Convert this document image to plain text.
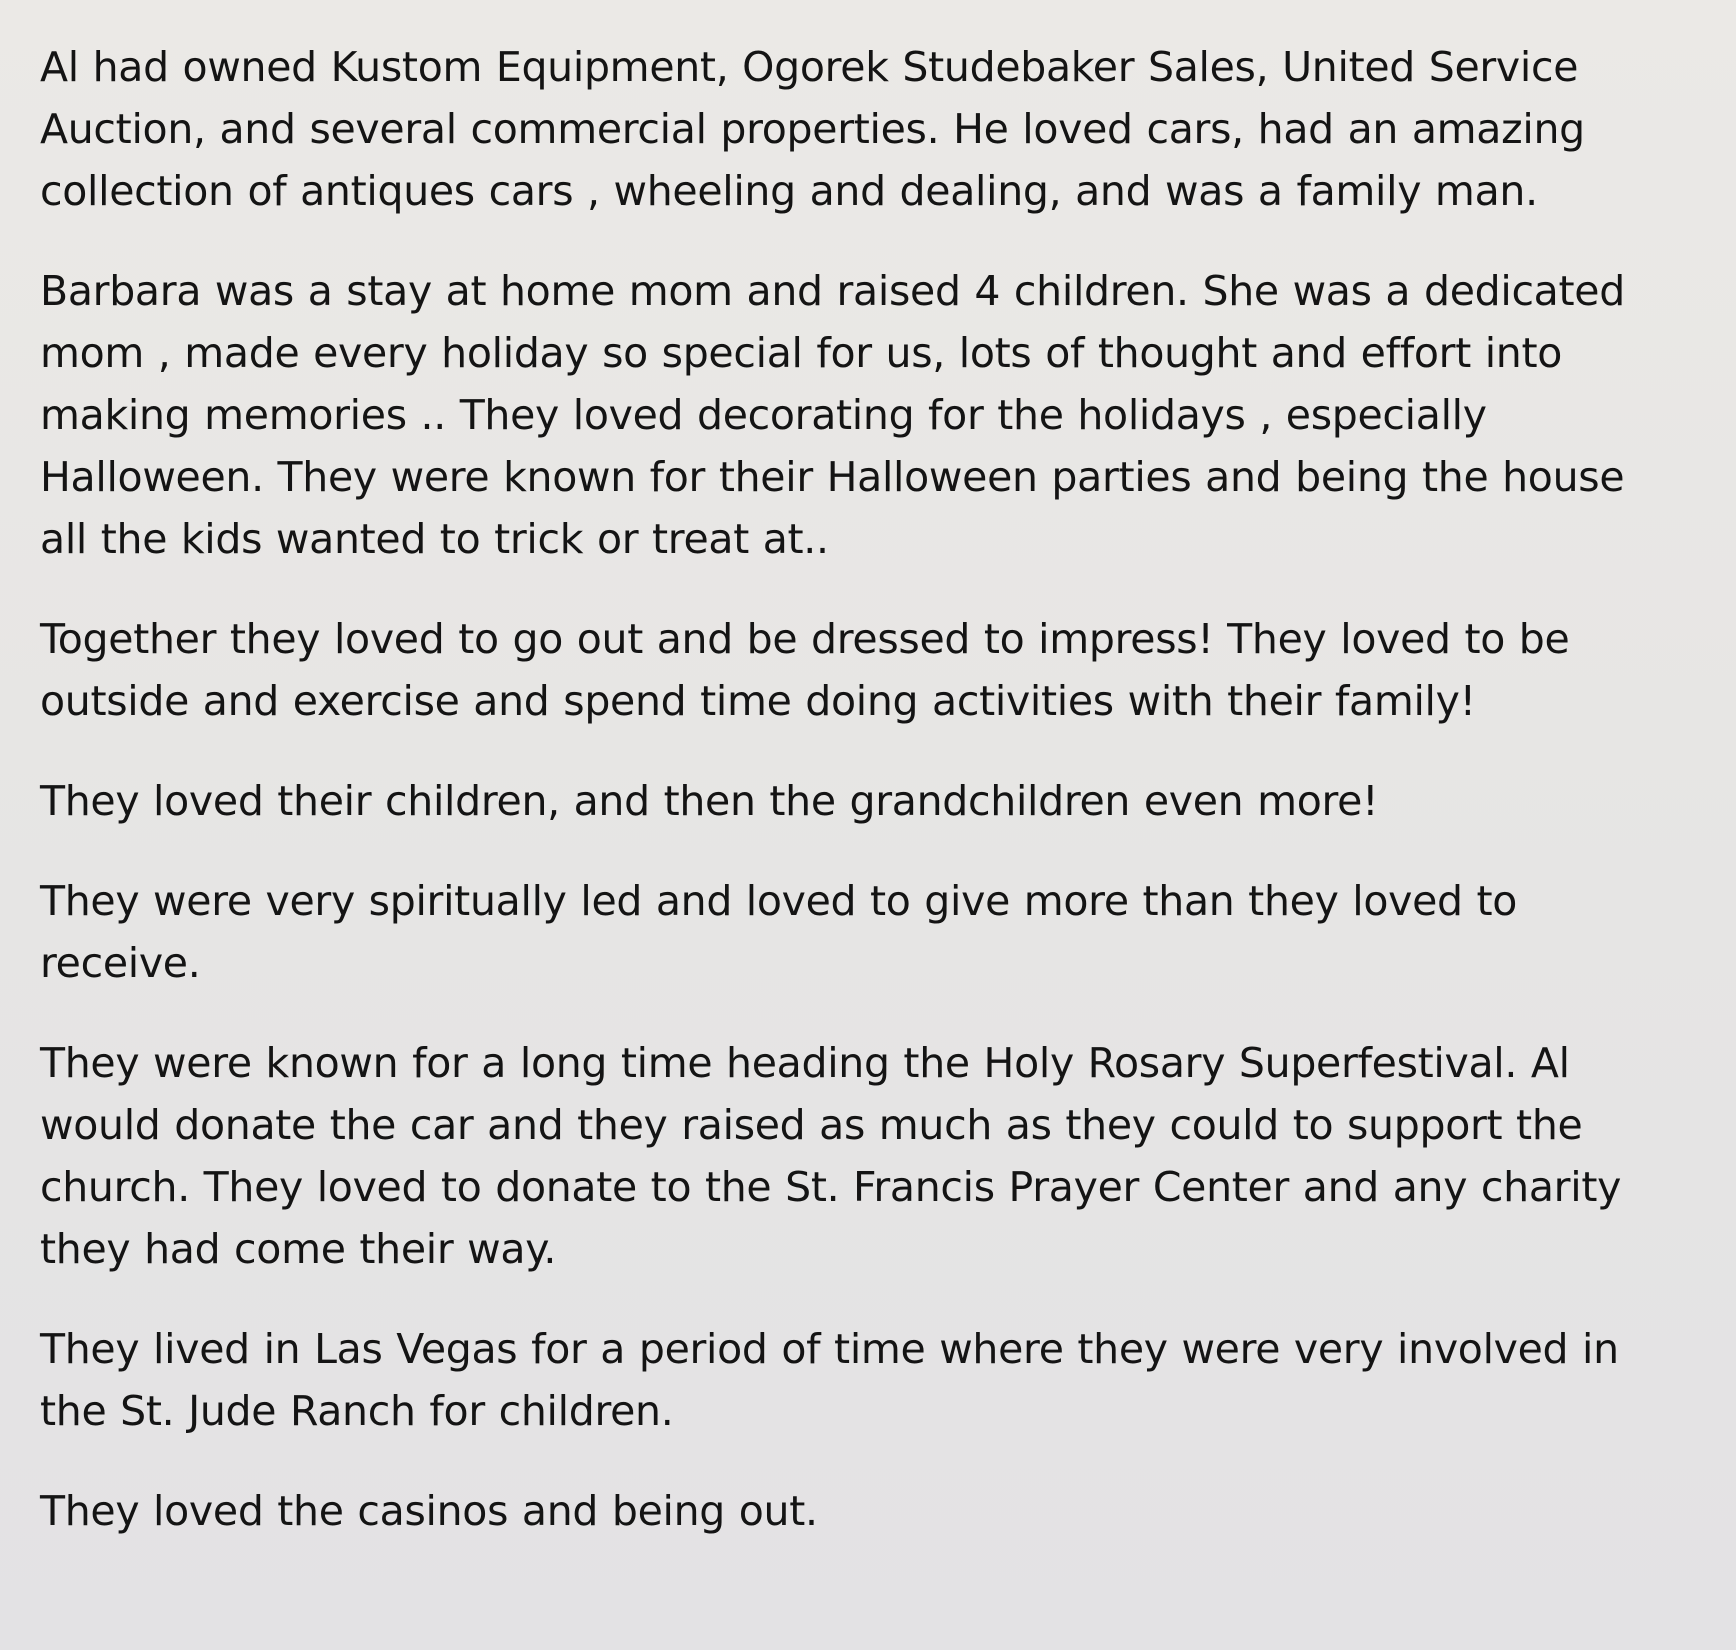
Al had owned Kustom Equipment, Ogorek Studebaker Sales, United Service Auction, and several commercial properties. He loved cars, had an amazing collection of antiques cars , wheeling and dealing, and was a family man.

Barbara was a stay at home mom and raised 4 children. She was a dedicated mom , made every holiday so special for us, lots of thought and effort into making memories .. They loved decorating for the holidays , especially Halloween. They were known for their Halloween parties and being the house all the kids wanted to trick or treat at..

Together they loved to go out and be dressed to impress! They loved to be outside and exercise and spend time doing activities with their family!

They loved their children, and then the grandchildren even more!

They were very spiritually led and loved to give more than they loved to receive.

They were known for a long time heading the Holy Rosary Superfestival. Al would donate the car and they raised as much as they could to support the church. They loved to donate to the St. Francis Prayer Center and any charity they had come their way.

They lived in Las Vegas for a period of time where they were very involved in the St. Jude Ranch for children.

They loved the casinos and being out.
